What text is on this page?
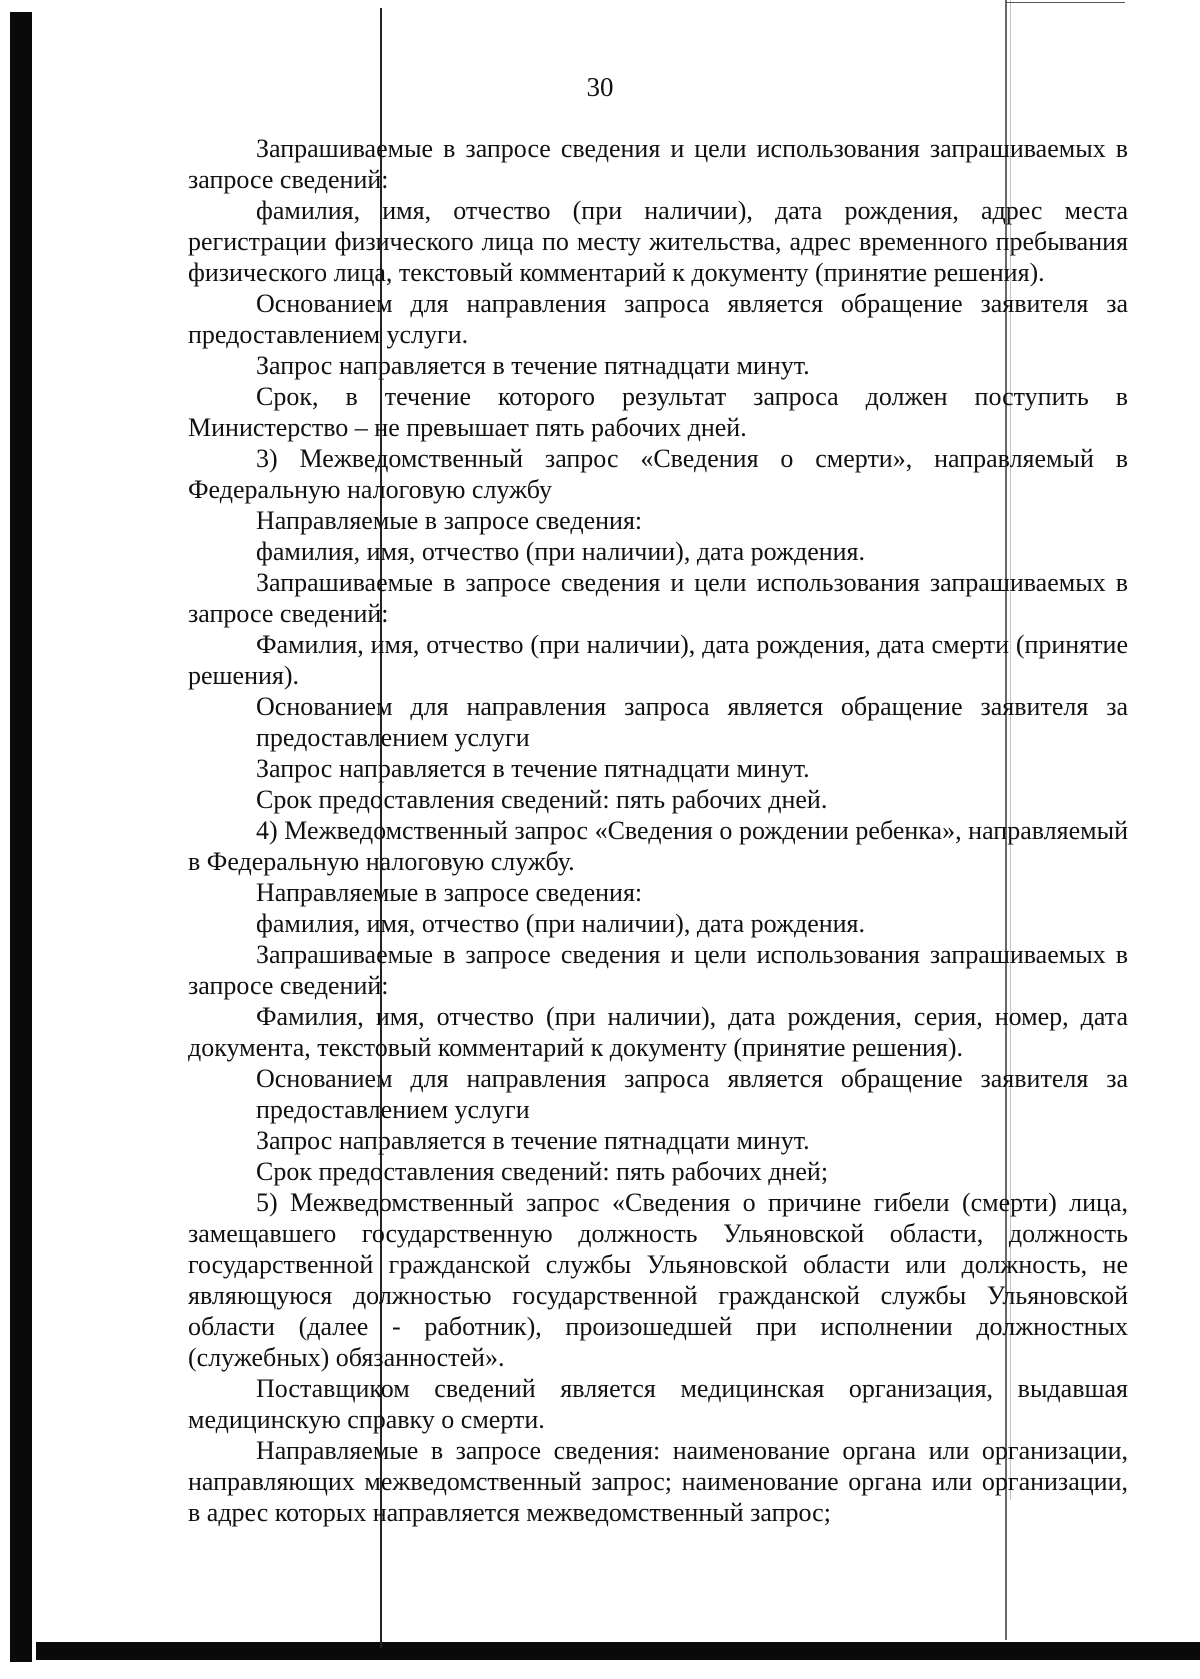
30

Запрашиваемые в запросе сведения и цели использования запрашиваемых в запросе сведений:

фамилия, имя, отчество (при наличии), дата рождения, адрес места регистрации физического лица по месту жительства, адрес временного пребывания физического лица, текстовый комментарий к документу (принятие решения).

Основанием для направления запроса является обращение заявителя за предоставлением услуги.

Запрос направляется в течение пятнадцати минут.

Срок, в течение которого результат запроса должен поступить в Министерство – не превышает пять рабочих дней.

3) Межведомственный запрос «Сведения о смерти», направляемый в Федеральную налоговую службу

Направляемые в запросе сведения:

фамилия, имя, отчество (при наличии), дата рождения.

Запрашиваемые в запросе сведения и цели использования запрашиваемых в запросе сведений:

Фамилия, имя, отчество (при наличии), дата рождения, дата смерти (принятие решения).

Основанием для направления запроса является обращение заявителя за предоставлением услуги

Запрос направляется в течение пятнадцати минут.

Срок предоставления сведений: пять рабочих дней.

4) Межведомственный запрос «Сведения о рождении ребенка», направляемый в Федеральную налоговую службу.

Направляемые в запросе сведения:

фамилия, имя, отчество (при наличии), дата рождения.

Запрашиваемые в запросе сведения и цели использования запрашиваемых в запросе сведений:

Фамилия, имя, отчество (при наличии), дата рождения, серия, номер, дата документа, текстовый комментарий к документу (принятие решения).

Основанием для направления запроса является обращение заявителя за предоставлением услуги

Запрос направляется в течение пятнадцати минут.

Срок предоставления сведений: пять рабочих дней;

5) Межведомственный запрос «Сведения о причине гибели (смерти) лица, замещавшего государственную должность Ульяновской области, должность государственной гражданской службы Ульяновской области или должность, не являющуюся должностью государственной гражданской службы Ульяновской области (далее - работник), произошедшей при исполнении должностных (служебных) обязанностей».

Поставщиком сведений является медицинская организация, выдавшая медицинскую справку о смерти.

Направляемые в запросе сведения: наименование органа или организации, направляющих межведомственный запрос; наименование органа или организации, в адрес которых направляется межведомственный запрос;
